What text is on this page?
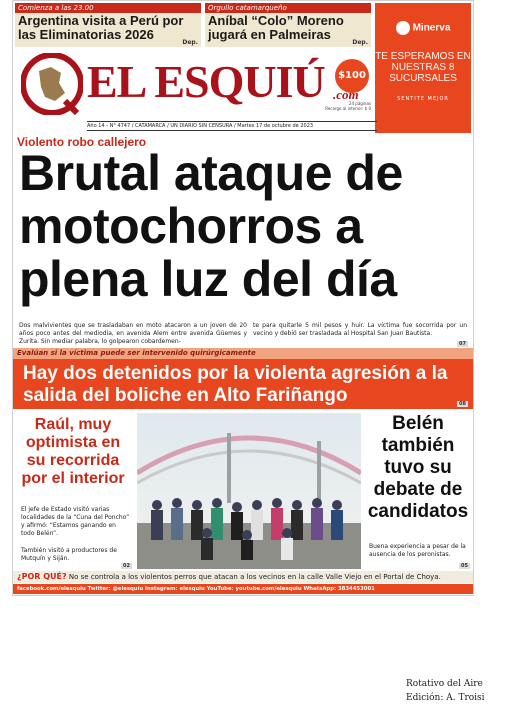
Comienza a las 23.00
Argentina visita a Perú por las Eliminatorias 2026
Dep.
Orgullo catamarqueño
Aníbal “Colo” Moreno jugará en Palmeiras
Dep.
Minerva
TE ESPERAMOS EN NUESTRAS 8 SUCURSALES
SENTITE MEJOR
EL ESQUIÚ	$100
.com
24 páginas
Recargo al interior: $ 0
Año 14 - N° 4747 / CATAMARCA / UN DIARIO SIN CENSURA / Martes 17 de octubre de 2023
Violento robo callejero
Brutal ataque de motochorros a plena luz del día
Dos malvivientes que se trasladaban en moto atacaron a un joven de 20 años poco antes del mediodía, en avenida Alem entre avenida Güemes y Zurita. Sin mediar palabra, lo golpearon cobardemen-
te para quitarle 5 mil pesos y huir. La víctima fue socorrida por un vecino y debió ser trasladada al Hospital San Juan Bautista.
07
Evalúan si la víctima puede ser intervenido quirúrgicamente
Hay dos detenidos por la violenta agresión a la salida del boliche en Alto Fariñango	08
Raúl, muy optimista en su recorrida por el interior
El jefe de Estado visitó varias localidades de la “Cuna del Poncho” y afirmó: “Estamos ganando en todo Belén”.
También visitó a productores de Mutquín y Siján.
02
Belén también tuvo su debate de candidatos
Buena experiencia a pesar de la ausencia de los peronistas.
05
¿POR QUÉ? No se controla a los violentos perros que atacan a los vecinos en la calle Valle Viejo en el Portal de Choya.
facebook.com/elesquiu Twitter: @elesquiu Instagram: elesquiu YouTube: youtube.com/elesquiu WhatsApp: 3834453001
Rotativo del Aire
Edición: A. Troisi
